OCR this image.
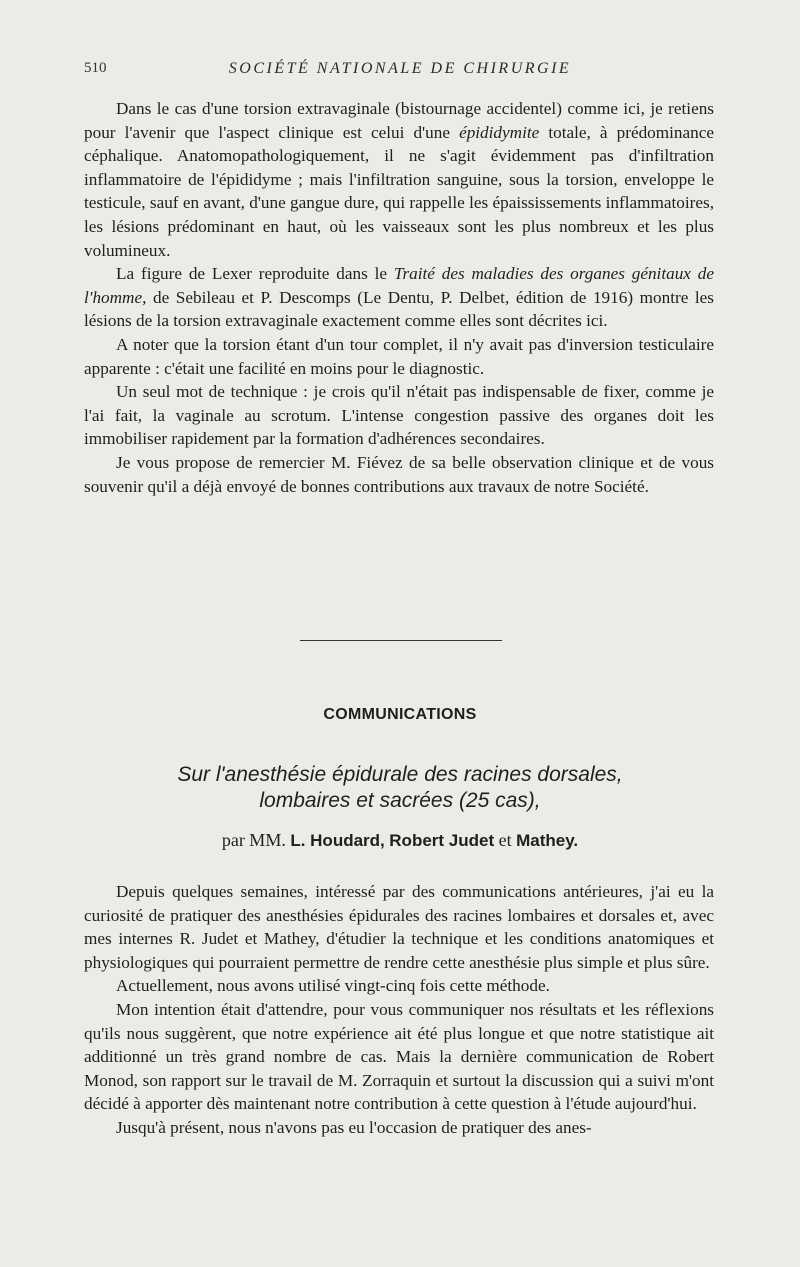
510	SOCIÉTÉ NATIONALE DE CHIRURGIE

Dans le cas d'une torsion extravaginale (bistournage accidentel) comme ici, je retiens pour l'avenir que l'aspect clinique est celui d'une épididymite totale, à prédominance céphalique. Anatomopathologiquement, il ne s'agit évidemment pas d'infiltration inflammatoire de l'épididyme ; mais l'infiltration sanguine, sous la torsion, enveloppe le testicule, sauf en avant, d'une gangue dure, qui rappelle les épaississements inflammatoires, les lésions prédominant en haut, où les vaisseaux sont les plus nombreux et les plus volumineux.

La figure de Lexer reproduite dans le Traité des maladies des organes génitaux de l'homme, de Sebileau et P. Descomps (Le Dentu, P. Delbet, édition de 1916) montre les lésions de la torsion extravaginale exactement comme elles sont décrites ici.

A noter que la torsion étant d'un tour complet, il n'y avait pas d'inversion testiculaire apparente : c'était une facilité en moins pour le diagnostic.

Un seul mot de technique : je crois qu'il n'était pas indispensable de fixer, comme je l'ai fait, la vaginale au scrotum. L'intense congestion passive des organes doit les immobiliser rapidement par la formation d'adhérences secondaires.

Je vous propose de remercier M. Fiévez de sa belle observation clinique et de vous souvenir qu'il a déjà envoyé de bonnes contributions aux travaux de notre Société.

COMMUNICATIONS
Sur l'anesthésie épidurale des racines dorsales,
lombaires et sacrées (25 cas),
par MM. L. Houdard, Robert Judet et Mathey.

Depuis quelques semaines, intéressé par des communications antérieures, j'ai eu la curiosité de pratiquer des anesthésies épidurales des racines lombaires et dorsales et, avec mes internes R. Judet et Mathey, d'étudier la technique et les conditions anatomiques et physiologiques qui pourraient permettre de rendre cette anesthésie plus simple et plus sûre.

Actuellement, nous avons utilisé vingt-cinq fois cette méthode.

Mon intention était d'attendre, pour vous communiquer nos résultats et les réflexions qu'ils nous suggèrent, que notre expérience ait été plus longue et que notre statistique ait additionné un très grand nombre de cas. Mais la dernière communication de Robert Monod, son rapport sur le travail de M. Zorraquin et surtout la discussion qui a suivi m'ont décidé à apporter dès maintenant notre contribution à cette question à l'étude aujourd'hui.

Jusqu'à présent, nous n'avons pas eu l'occasion de pratiquer des anes-
